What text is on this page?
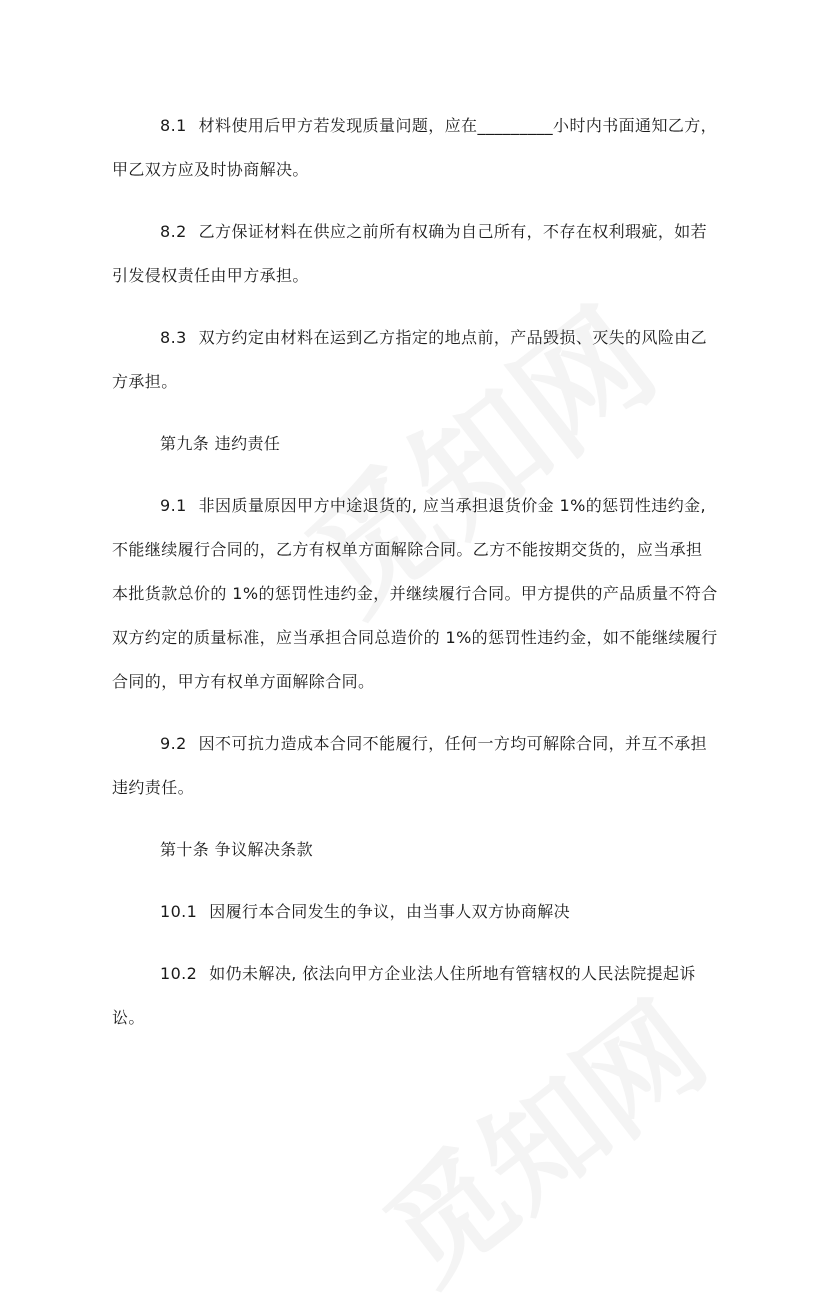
8.1 材料使用后甲方若发现质量问题，应在_________小时内书面通知乙方，甲乙双方应及时协商解决。

8.2 乙方保证材料在供应之前所有权确为自己所有，不存在权利瑕疵，如若引发侵权责任由甲方承担。

8.3 双方约定由材料在运到乙方指定的地点前，产品毁损、灭失的风险由乙方承担。

第九条 违约责任

9.1 非因质量原因甲方中途退货的, 应当承担退货价金 1%的惩罚性违约金, 不能继续履行合同的，乙方有权单方面解除合同。乙方不能按期交货的，应当承担本批货款总价的 1%的惩罚性违约金，并继续履行合同。甲方提供的产品质量不符合双方约定的质量标准，应当承担合同总造价的 1%的惩罚性违约金，如不能继续履行合同的，甲方有权单方面解除合同。

9.2 因不可抗力造成本合同不能履行，任何一方均可解除合同，并互不承担违约责任。

第十条 争议解决条款

10.1 因履行本合同发生的争议，由当事人双方协商解决

10.2 如仍未解决, 依法向甲方企业法人住所地有管辖权的人民法院提起诉讼。
